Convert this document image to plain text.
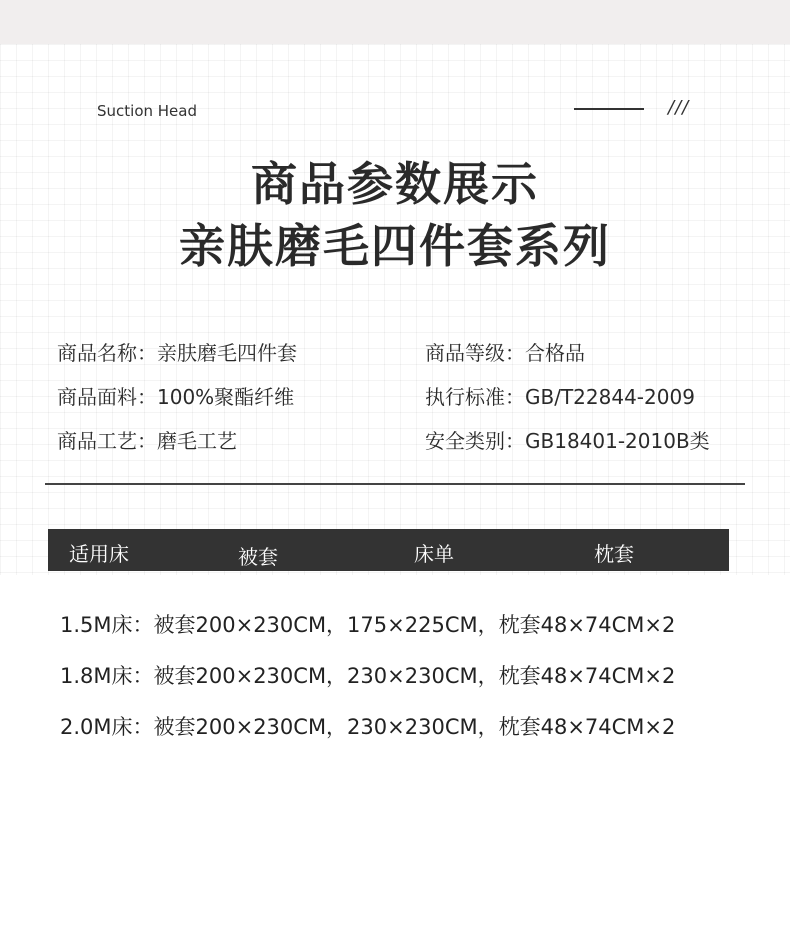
Suction Head	///
商品参数展示
亲肤磨毛四件套系列
商品名称：亲肤磨毛四件套	商品等级：合格品
商品面料：100%聚酯纤维	执行标准：GB/T22844-2009
商品工艺：磨毛工艺	安全类别：GB18401-2010B类
适用床	被套	床单	枕套
1.5M床：被套200×230CM，175×225CM，枕套48×74CM×2
1.8M床：被套200×230CM，230×230CM，枕套48×74CM×2
2.0M床：被套200×230CM，230×230CM，枕套48×74CM×2
